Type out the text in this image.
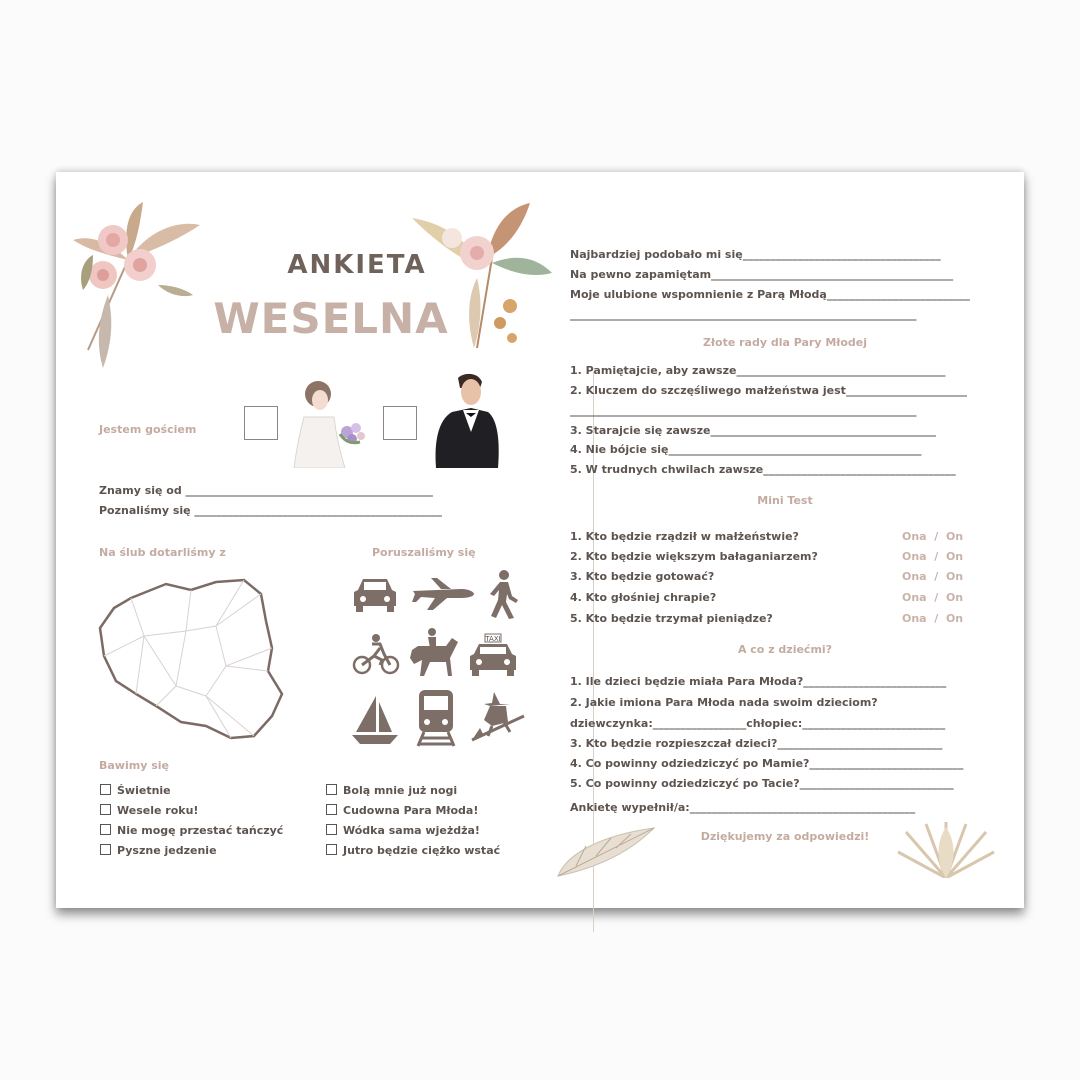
ANKIETA
WESELNA
Jestem gościem
Znamy się od _____________________________________________
Poznaliśmy się _____________________________________________
Na ślub dotarliśmy z	Poruszaliśmy się
TAXI
Bawimy się
Świetnie
Wesele roku!
Nie mogę przestać tańczyć
Pyszne jedzenie
Bolą mnie już nogi
Cudowna Para Młoda!
Wódka sama wjeżdża!
Jutro będzie ciężko wstać
Najbardziej podobało mi się____________________________________
Na pewno zapamiętam____________________________________________
Moje ulubione wspomnienie z Parą Młodą__________________________
_______________________________________________________________
Złote rady dla Pary Młodej
1. Pamiętajcie, aby zawsze______________________________________
2. Kluczem do szczęśliwego małżeństwa jest______________________
_______________________________________________________________
3. Starajcie się zawsze_________________________________________
4. Nie bójcie się______________________________________________
5. W trudnych chwilach zawsze___________________________________
Mini Test
1. Kto będzie rządził w małżeństwie?
2. Kto będzie większym bałaganiarzem?
3. Kto będzie gotować?
4. Kto głośniej chrapie?
5. Kto będzie trzymał pieniądze?
Ona  /  On
Ona  /  On
Ona  /  On
Ona  /  On
Ona  /  On
A co z dziećmi?
1. Ile dzieci będzie miała Para Młoda?__________________________
2. Jakie imiona Para Młoda nada swoim dzieciom?
dziewczynka:_________________chłopiec:__________________________
3. Kto będzie rozpieszczał dzieci?______________________________
4. Co powinny odziedziczyć po Mamie?____________________________
5. Co powinny odziedziczyć po Tacie?____________________________
Ankietę wypełnił/a:_________________________________________
Dziękujemy za odpowiedzi!
